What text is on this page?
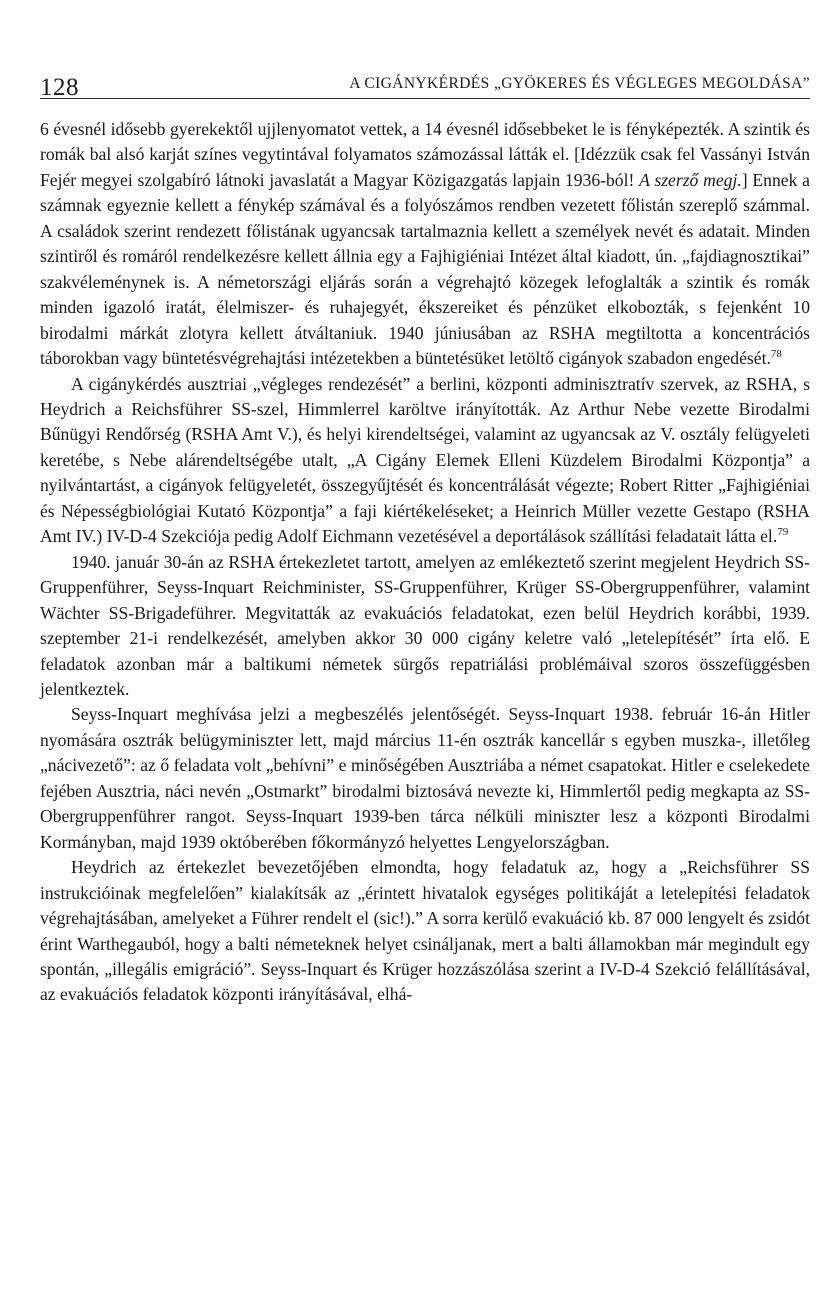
128	A CIGÁNYKÉRDÉS „GYÖKERES ÉS VÉGLEGES MEGOLDÁSA”

6 évesnél idősebb gyerekektől ujjlenyomatot vettek, a 14 évesnél idősebbeket le is fényképezték. A szintik és romák bal alsó karját színes vegytintával folyamatos számozással látták el. [Idézzük csak fel Vassányi István Fejér megyei szolgabíró látnoki javaslatát a Magyar Közigazgatás lapjain 1936-ból! A szerző megj.] Ennek a számnak egyeznie kellett a fénykép számával és a folyószámos rendben vezetett főlistán szereplő számmal. A családok szerint rendezett főlistának ugyancsak tartalmaznia kellett a személyek nevét és adatait. Minden szintiről és romáról rendelkezésre kellett állnia egy a Fajhigiéniai Intézet által kiadott, ún. „fajdiagnosztikai” szakvéleménynek is. A németországi eljárás során a végrehajtó közegek lefoglalták a szintik és romák minden igazoló iratát, élelmiszer- és ruhajegyét, ékszereiket és pénzüket elkobozták, s fejenként 10 birodalmi márkát zlotyra kellett átváltaniuk. 1940 júniusában az RSHA megtiltotta a koncentrációs táborokban vagy büntetésvégrehajtási intézetekben a büntetésüket letöltő cigányok szabadon engedését.$^{78}$

A cigánykérdés ausztriai „végleges rendezését” a berlini, központi adminisztratív szervek, az RSHA, s Heydrich a Reichsführer SS-szel, Himmlerrel karöltve irányították. Az Arthur Nebe vezette Birodalmi Bűnügyi Rendőrség (RSHA Amt V.), és helyi kirendeltségei, valamint az ugyancsak az V. osztály felügyeleti keretébe, s Nebe alárendeltségébe utalt, „A Cigány Elemek Elleni Küzdelem Birodalmi Központja” a nyilvántartást, a cigányok felügyeletét, összegyűjtését és koncentrálását végezte; Robert Ritter „Fajhigiéniai és Népességbiológiai Kutató Központja” a faji kiértékeléseket; a Heinrich Müller vezette Gestapo (RSHA Amt IV.) IV-D-4 Szekciója pedig Adolf Eichmann vezetésével a deportálások szállítási feladatait látta el.$^{79}$

1940. január 30-án az RSHA értekezletet tartott, amelyen az emlékeztető szerint megjelent Heydrich SS-Gruppenführer, Seyss-Inquart Reichminister, SS-Gruppenführer, Krüger SS-Obergruppenführer, valamint Wächter SS-Brigadeführer. Megvitatták az evakuációs feladatokat, ezen belül Heydrich korábbi, 1939. szeptember 21-i rendelkezését, amelyben akkor 30 000 cigány keletre való „letelepítését” írta elő. E feladatok azonban már a baltikumi németek sürgős repatriálási problémáival szoros összefüggésben jelentkeztek.

Seyss-Inquart meghívása jelzi a megbeszélés jelentőségét. Seyss-Inquart 1938. február 16-án Hitler nyomására osztrák belügyminiszter lett, majd március 11-én osztrák kancellár s egyben muszka-, illetőleg „nácivezető”: az ő feladata volt „behívni” e minőségében Ausztriába a német csapatokat. Hitler e cselekedete fejében Ausztria, náci nevén „Ostmarkt” birodalmi biztosává nevezte ki, Himmlertől pedig megkapta az SS-Obergruppenführer rangot. Seyss-Inquart 1939-ben tárca nélküli miniszter lesz a központi Birodalmi Kormányban, majd 1939 októberében főkormányzó helyettes Lengyelországban.

Heydrich az értekezlet bevezetőjében elmondta, hogy feladatuk az, hogy a „Reichsführer SS instrukcióinak megfelelően” kialakítsák az „érintett hivatalok egységes politikáját a letelepítési feladatok végrehajtásában, amelyeket a Führer rendelt el (sic!).” A sorra kerülő evakuáció kb. 87 000 lengyelt és zsidót érint Warthegauból, hogy a balti németeknek helyet csináljanak, mert a balti államokban már megindult egy spontán, „illegális emigráció”. Seyss-Inquart és Krüger hozzászólása szerint a IV-D-4 Szekció felállításával, az evakuációs feladatok központi irányításával, elhá-
